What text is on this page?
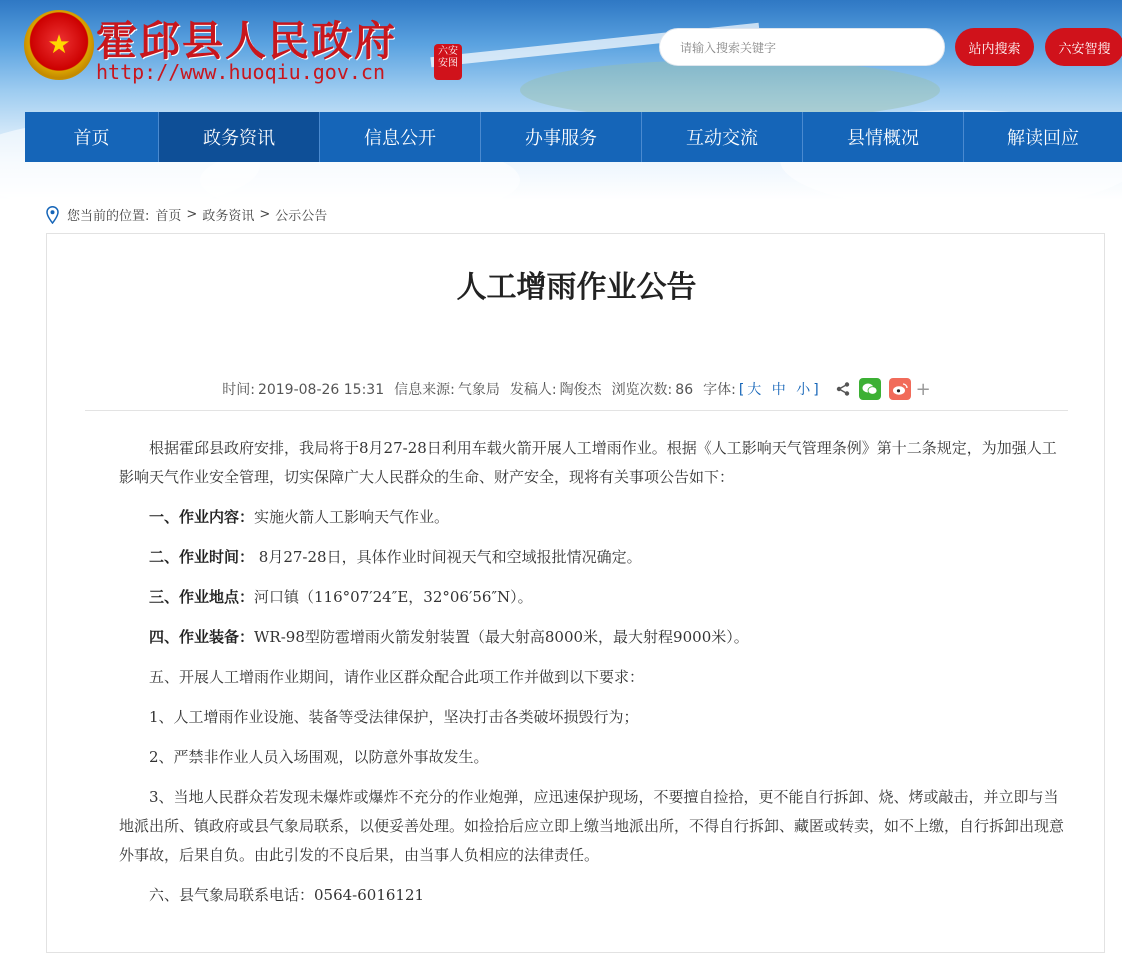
★ 霍邱县人民政府
http://www.huoqiu.gov.cn
六安
安图
请输入搜索关键字
站内搜索	六安智搜
首页	政务资讯	信息公开	办事服务	互动交流	县情概况	解读回应
您当前的位置: 首页 > 政务资讯 > 公示公告
人工增雨作业公告
时间: 2019-08-26 15:31 信息来源: 气象局 发稿人: 陶俊杰 浏览次数: 86 字体: [大 中 小]	+

根据霍邱县政府安排，我局将于8月27-28日利用车载火箭开展人工增雨作业。根据《人工影响天气管理条例》第十二条规定，为加强人工影响天气作业安全管理，切实保障广大人民群众的生命、财产安全，现将有关事项公告如下：

一、作业内容：实施火箭人工影响天气作业。

二、作业时间： 8月27-28日，具体作业时间视天气和空域报批情况确定。

三、作业地点：河口镇（116°07′24″E，32°06′56″N）。

四、作业装备：WR-98型防雹增雨火箭发射装置（最大射高8000米，最大射程9000米）。

五、开展人工增雨作业期间，请作业区群众配合此项工作并做到以下要求：

1、人工增雨作业设施、装备等受法律保护，坚决打击各类破坏损毁行为；

2、严禁非作业人员入场围观，以防意外事故发生。

3、当地人民群众若发现未爆炸或爆炸不充分的作业炮弹，应迅速保护现场，不要擅自捡拾，更不能自行拆卸、烧、烤或敲击，并立即与当地派出所、镇政府或县气象局联系，以便妥善处理。如捡拾后应立即上缴当地派出所，不得自行拆卸、藏匿或转卖，如不上缴，自行拆卸出现意外事故，后果自负。由此引发的不良后果，由当事人负相应的法律责任。

六、县气象局联系电话：0564-6016121
